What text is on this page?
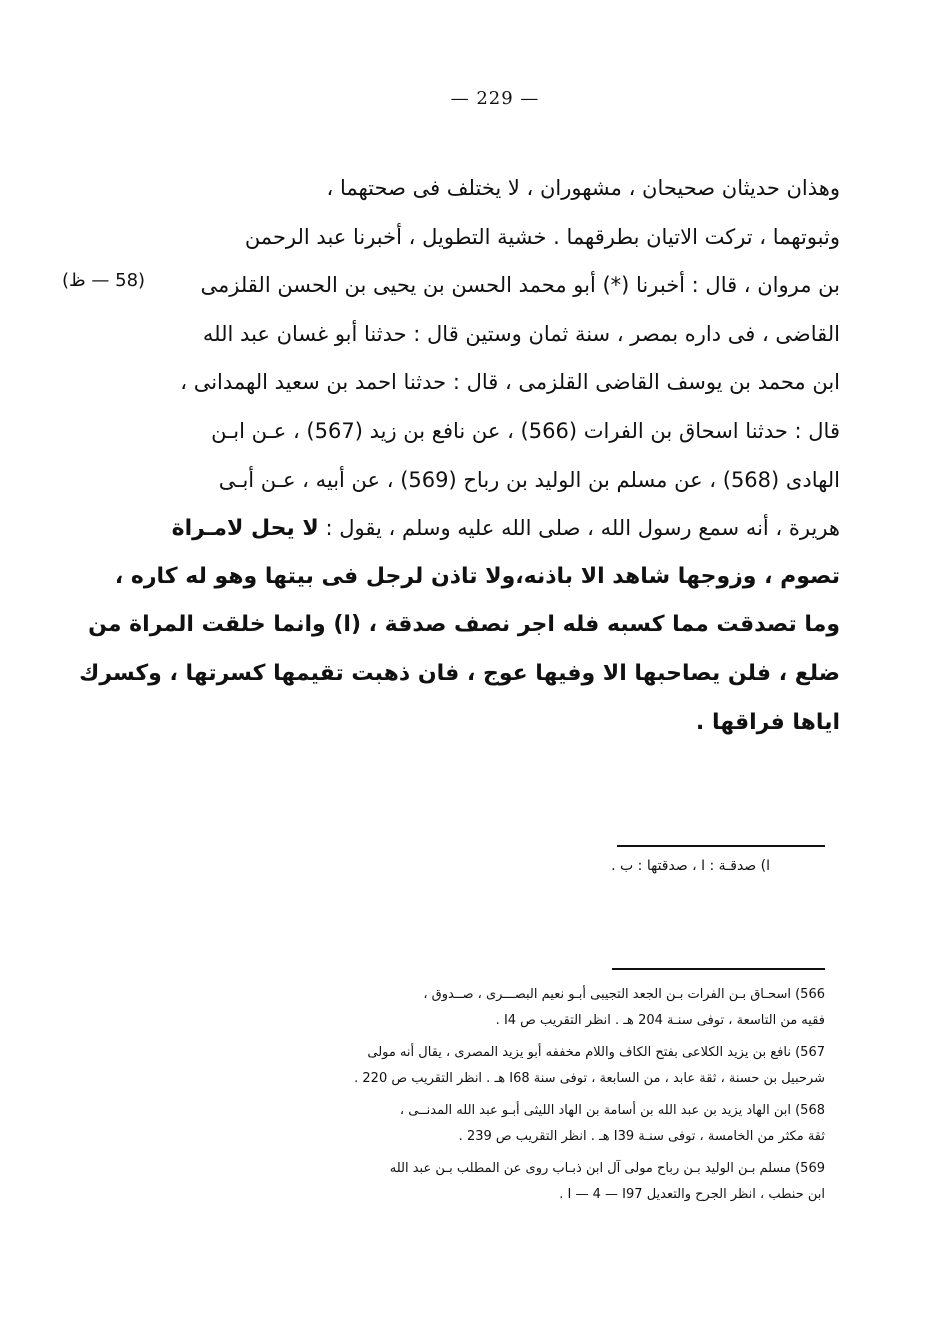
— 229 —
(58 — ظ)
وهذان حديثان صحيحان ، مشهوران ، لا يختلف فى صحتهما ،
وثبوتهما ، تركت الاتيان بطرقهما . خشية التطويل ، أخبرنا عبد الرحمن
بن مروان ، قال : أخبرنا (*) أبو محمد الحسن بن يحيى بن الحسن القلزمى
القاضى ، فى داره بمصر ، سنة ثمان وستين قال : حدثنا أبو غسان عبد الله
ابن محمد بن يوسف القاضى القلزمى ، قال : حدثنا احمد بن سعيد الهمدانى ،
قال : حدثنا اسحاق بن الفرات (566) ، عن نافع بن زيد (567) ، عـن ابـن
الهادى (568) ، عن مسلم بن الوليد بن رباح (569) ، عن أبيه ، عـن أبـى
هريرة ، أنه سمع رسول الله ، صلى الله عليه وسلم ، يقول : لا يحل لامـراة
تصوم ، وزوجها شاهد الا باذنه،ولا تاذن لرجل فى بيتها وهو له كاره ،
وما تصدقت مما كسبه فله اجر نصف صدقة ، (ا) وانما خلقت المراة من
ضلع ، فلن يصاحبها الا وفيها عوج ، فان ذهبت تقيمها كسرتها ، وكسرك
اياها فراقها .
ا) صدقـة : ا ، صدقتها : ب .
566) اسحـاق بـن الفرات بـن الجعد التجيبى أبـو نعيم البصـــرى ، صــدوق ،
فقيه من التاسعة ، توفى سنـة 204 هـ . انظر التقريب ص I4 .
567) نافع بن يزيد الكلاعى بفتح الكاف واللام مخففه أبو يزيد المصرى ، يقال أنه مولى
شرحبيل بن حسنة ، ثقة عابد ، من السابعة ، توفى سنة I68 هـ . انظر التقريب ص 220 .
568) ابن الهاد يزيد بن عبد الله بن أسامة بن الهاد الليثى أبـو عبد الله المدنــى ،
ثقة مكثر من الخامسة ، توفى سنـة I39 هـ . انظر التقريب ص 239 .
569) مسلم بـن الوليد بـن رباح مولى آل ابن ذبـاب روى عن المطلب بـن عبد الله
ابن حنطب ، انظر الجرح والتعديل I — 4 — I97 .
